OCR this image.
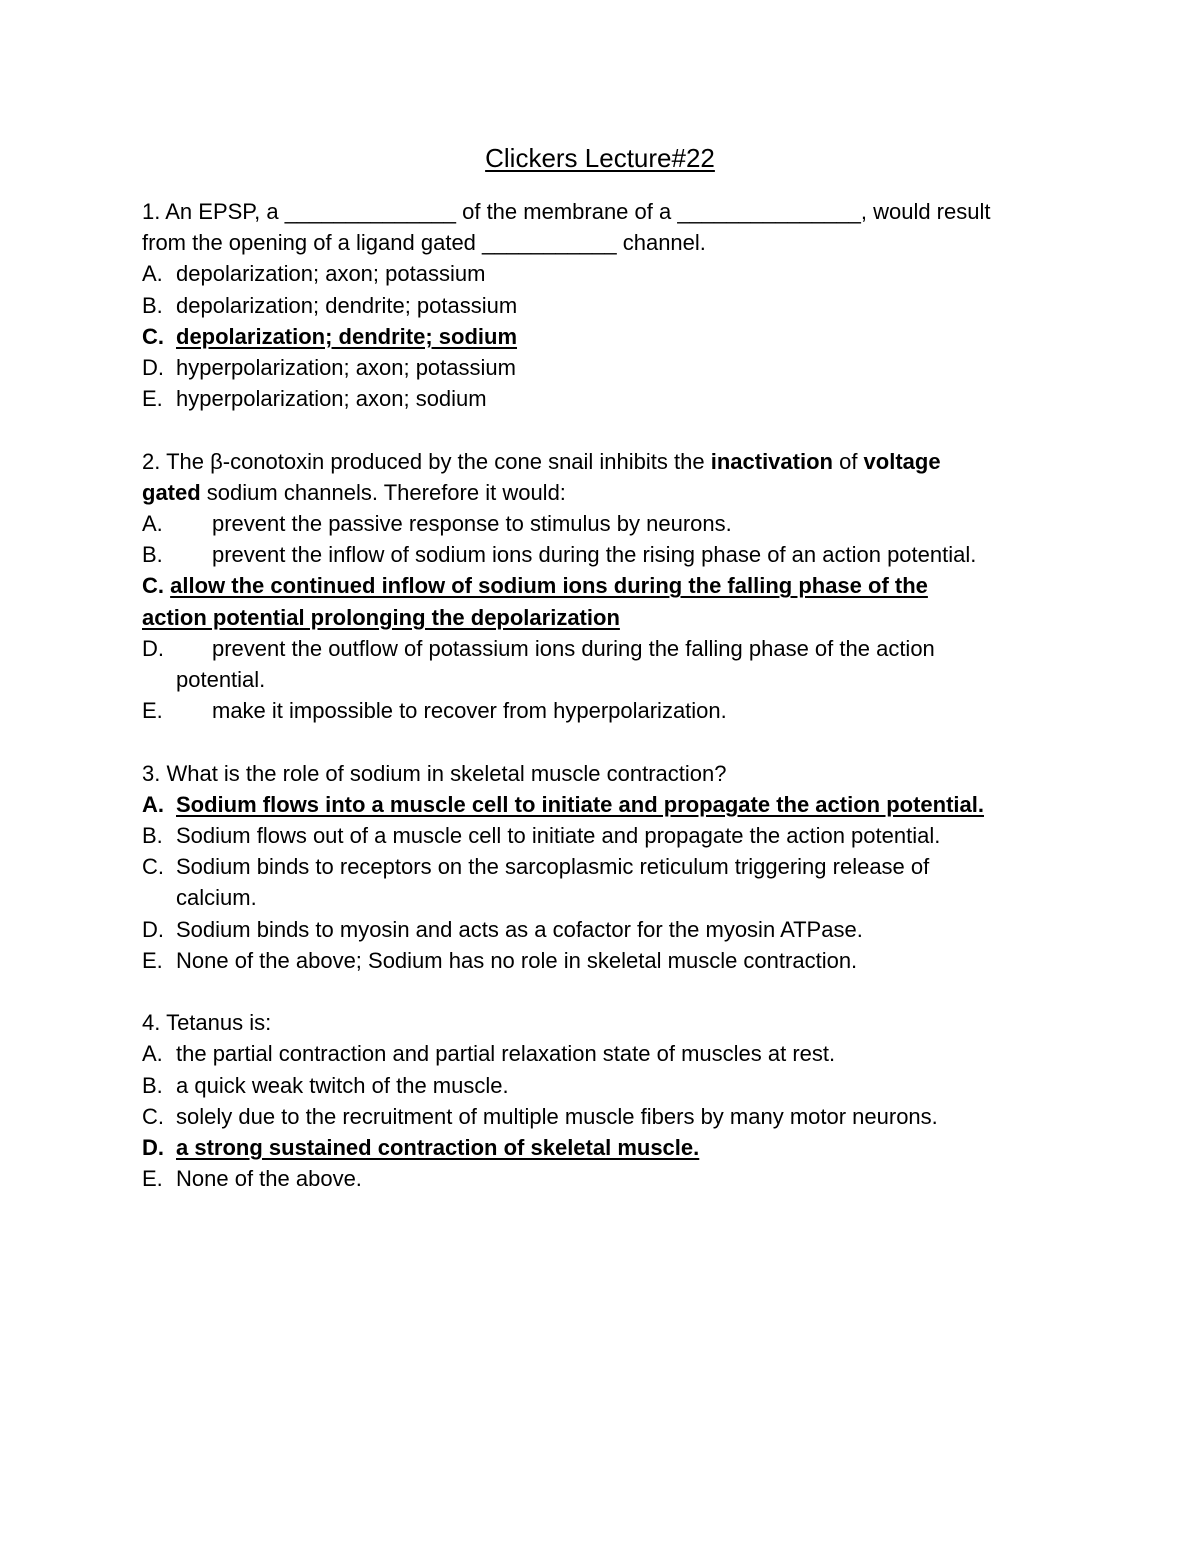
Clickers Lecture#22
1. An EPSP, a ______________ of the membrane of a _______________, would result
from the opening of a ligand gated ___________ channel.
A. depolarization; axon; potassium
B. depolarization; dendrite; potassium
C. depolarization; dendrite; sodium
D. hyperpolarization; axon; potassium
E. hyperpolarization; axon; sodium
2. The β-conotoxin produced by the cone snail inhibits the inactivation of voltage
gated sodium channels. Therefore it would:
A. prevent the passive response to stimulus by neurons.
B. prevent the inflow of sodium ions during the rising phase of an action potential.
C. allow the continued inflow of sodium ions during the falling phase of the
action potential prolonging the depolarization
D. prevent the outflow of potassium ions during the falling phase of the action
potential.
E. make it impossible to recover from hyperpolarization.
3. What is the role of sodium in skeletal muscle contraction?
A. Sodium flows into a muscle cell to initiate and propagate the action potential.
B. Sodium flows out of a muscle cell to initiate and propagate the action potential.
C. Sodium binds to receptors on the sarcoplasmic reticulum triggering release of
calcium.
D. Sodium binds to myosin and acts as a cofactor for the myosin ATPase.
E. None of the above; Sodium has no role in skeletal muscle contraction.
4. Tetanus is:
A. the partial contraction and partial relaxation state of muscles at rest.
B. a quick weak twitch of the muscle.
C. solely due to the recruitment of multiple muscle fibers by many motor neurons.
D. a strong sustained contraction of skeletal muscle.
E. None of the above.
